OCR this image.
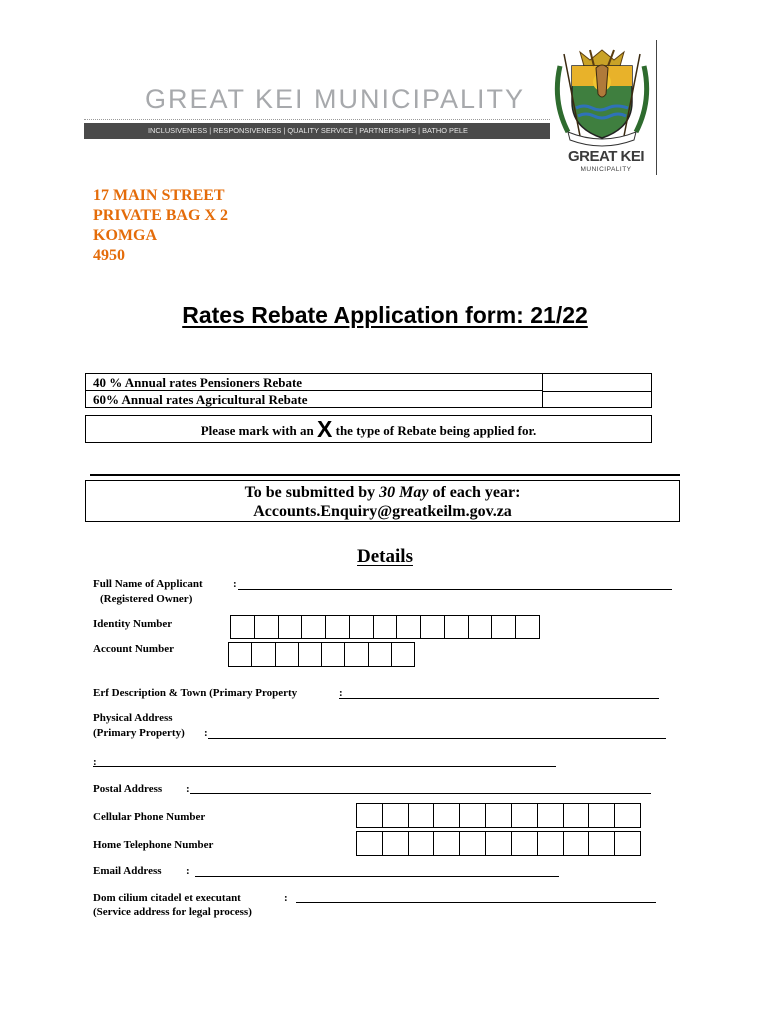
GREAT KEI MUNICIPALITY
INCLUSIVENESS | RESPONSIVENESS | QUALITY SERVICE | PARTNERSHIPS | BATHO PELE
GREAT KEI
MUNICIPALITY
17 MAIN STREET
PRIVATE BAG X 2
KOMGA
4950
Rates Rebate Application form: 21/22
40 % Annual rates Pensioners Rebate
60% Annual rates Agricultural Rebate
Please mark with an X the type of Rebate being applied for.
To be submitted by 30 May of each year:
Accounts.Enquiry@greatkeilm.gov.za
Details
Full Name of Applicant	:
(Registered Owner)
Identity Number
Account Number
Erf Description & Town (Primary Property	:
Physical Address
(Primary Property) :
:
Postal Address :
Cellular Phone Number
Home Telephone Number
Email Address :
Dom cilium citadel et executant	:
(Service address for legal process)
